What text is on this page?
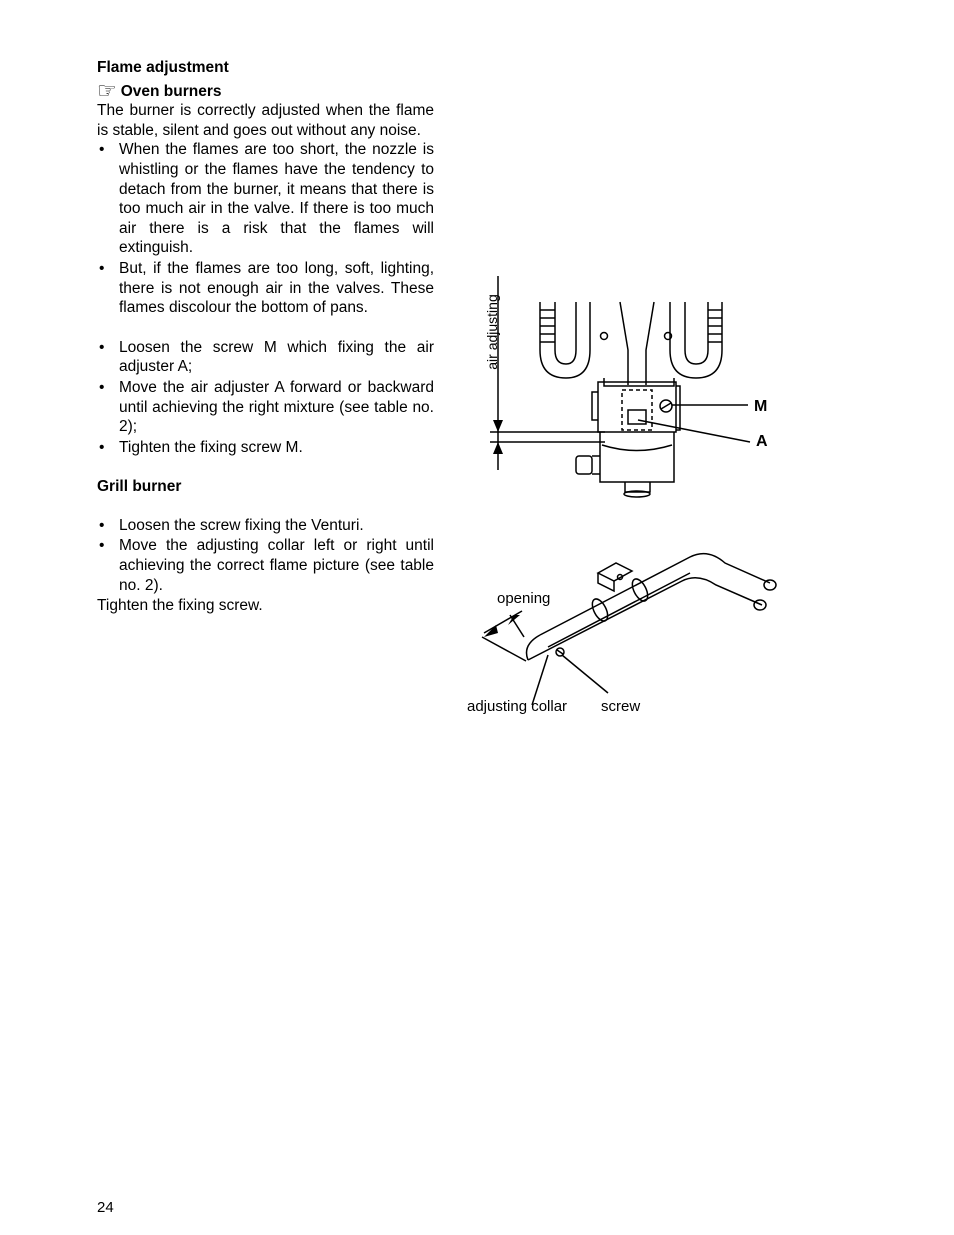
Flame adjustment

☞ Oven burners

The burner is correctly adjusted when the flame is stable, silent and goes out without any noise.

• When the flames are too short, the nozzle is whistling or the flames have the tendency to detach from the burner, it means that there is too much air in the valve. If there is too much air there is a risk that the flames will extinguish.
• But, if the flames are too long, soft, lighting, there is not enough air in the valves. These flames discolour the bottom of pans.
• Loosen the screw M which fixing the air adjuster A;
• Move the air adjuster A forward or backward until achieving the right mixture (see table no. 2);
• Tighten the fixing screw M.

Grill burner

• Loosen the screw fixing the Venturi.
• Move the adjusting collar left or right until achieving the correct flame picture (see table no. 2).

Tighten the fixing screw.

air adjusting
M
A
opening
adjusting collar screw
24
